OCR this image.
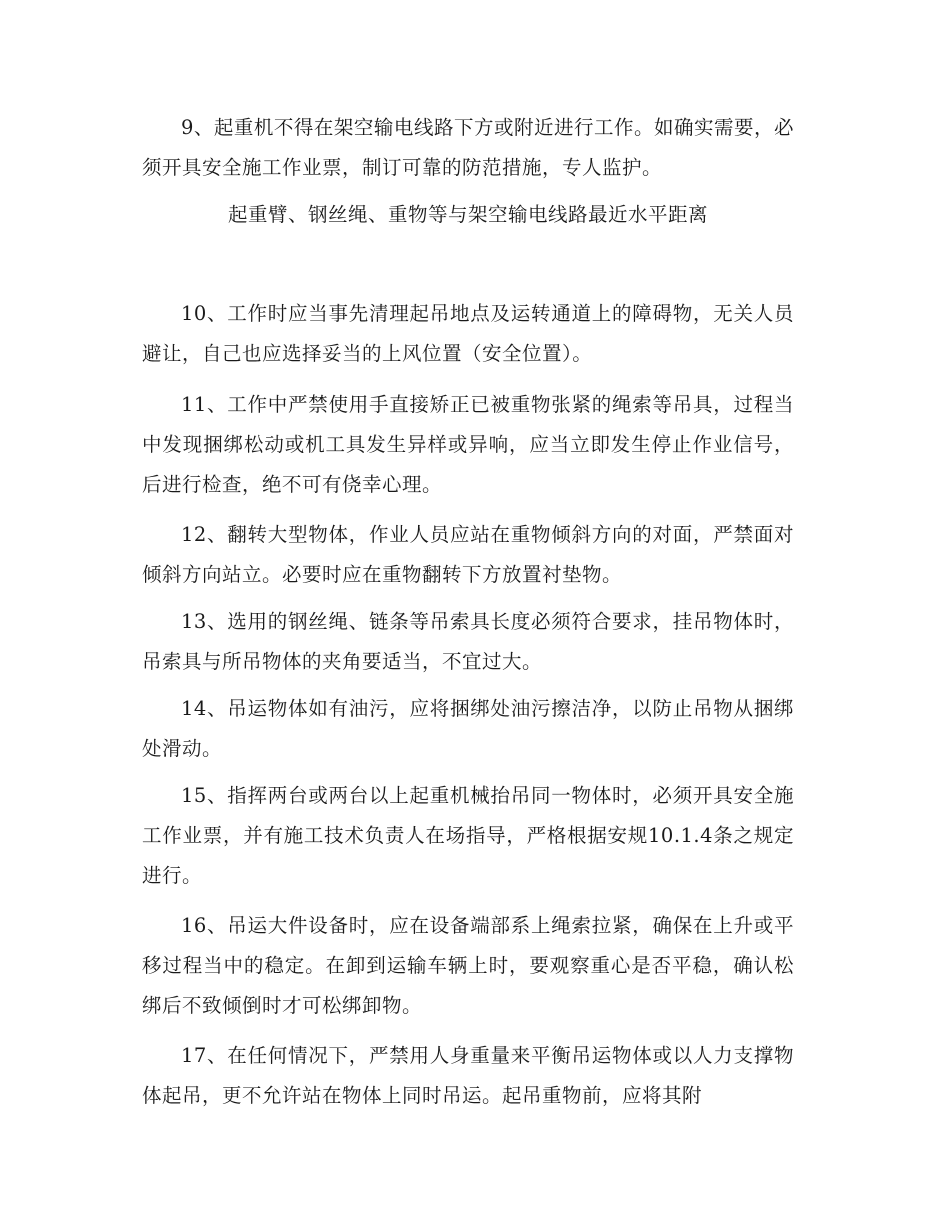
9、起重机不得在架空输电线路下方或附近进行工作。如确实需要，必须开具安全施工作业票，制订可靠的防范措施，专人监护。

起重臂、钢丝绳、重物等与架空输电线路最近水平距离

10、工作时应当事先清理起吊地点及运转通道上的障碍物，无关人员避让，自己也应选择妥当的上风位置（安全位置）。

11、工作中严禁使用手直接矫正已被重物张紧的绳索等吊具，过程当中发现捆绑松动或机工具发生异样或异响，应当立即发生停止作业信号，后进行检查，绝不可有侥幸心理。

12、翻转大型物体，作业人员应站在重物倾斜方向的对面，严禁面对倾斜方向站立。必要时应在重物翻转下方放置衬垫物。

13、选用的钢丝绳、链条等吊索具长度必须符合要求，挂吊物体时，吊索具与所吊物体的夹角要适当，不宜过大。

14、吊运物体如有油污，应将捆绑处油污擦洁净，以防止吊物从捆绑处滑动。

15、指挥两台或两台以上起重机械抬吊同一物体时，必须开具安全施工作业票，并有施工技术负责人在场指导，严格根据安规10.1.4条之规定进行。

16、吊运大件设备时，应在设备端部系上绳索拉紧，确保在上升或平移过程当中的稳定。在卸到运输车辆上时，要观察重心是否平稳，确认松绑后不致倾倒时才可松绑卸物。

17、在任何情况下，严禁用人身重量来平衡吊运物体或以人力支撑物体起吊，更不允许站在物体上同时吊运。起吊重物前，应将其附
